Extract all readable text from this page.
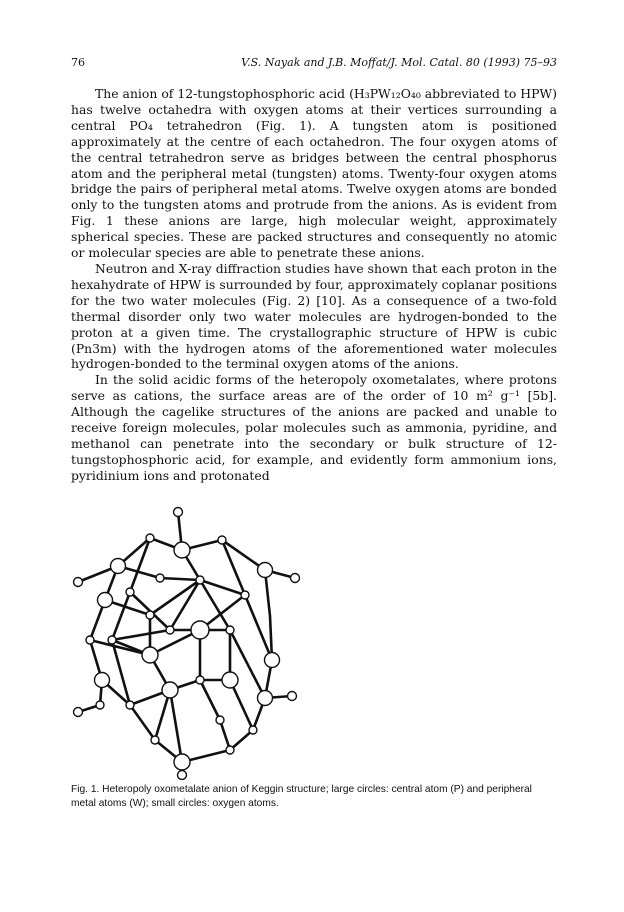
76	V.S. Nayak and J.B. Moffat/J. Mol. Catal. 80 (1993) 75–93

The anion of 12-tungstophosphoric acid (H₃PW₁₂O₄₀ abbreviated to HPW) has twelve octahedra with oxygen atoms at their vertices surrounding a central PO₄ tetrahedron (Fig. 1). A tungsten atom is positioned approximately at the centre of each octahedron. The four oxygen atoms of the central tetrahedron serve as bridges between the central phosphorus atom and the peripheral metal (tungsten) atoms. Twenty-four oxygen atoms bridge the pairs of peripheral metal atoms. Twelve oxygen atoms are bonded only to the tungsten atoms and protrude from the anions. As is evident from Fig. 1 these anions are large, high molecular weight, approximately spherical species. These are packed structures and consequently no atomic or molecular species are able to penetrate these anions.

Neutron and X-ray diffraction studies have shown that each proton in the hexahydrate of HPW is surrounded by four, approximately coplanar positions for the two water molecules (Fig. 2) [10]. As a consequence of a two-fold thermal disorder only two water molecules are hydrogen-bonded to the proton at a given time. The crystallographic structure of HPW is cubic (Pn3m) with the hydrogen atoms of the aforementioned water molecules hydrogen-bonded to the terminal oxygen atoms of the anions.

In the solid acidic forms of the heteropoly oxometalates, where protons serve as cations, the surface areas are of the order of 10 m² g⁻¹ [5b]. Although the cagelike structures of the anions are packed and unable to receive foreign molecules, polar molecules such as ammonia, pyridine, and methanol can penetrate into the secondary or bulk structure of 12-tungstophosphoric acid, for example, and evidently form ammonium ions, pyridinium ions and protonated

Fig. 1. Heteropoly oxometalate anion of Keggin structure; large circles: central atom (P) and peripheral metal atoms (W); small circles: oxygen atoms.
